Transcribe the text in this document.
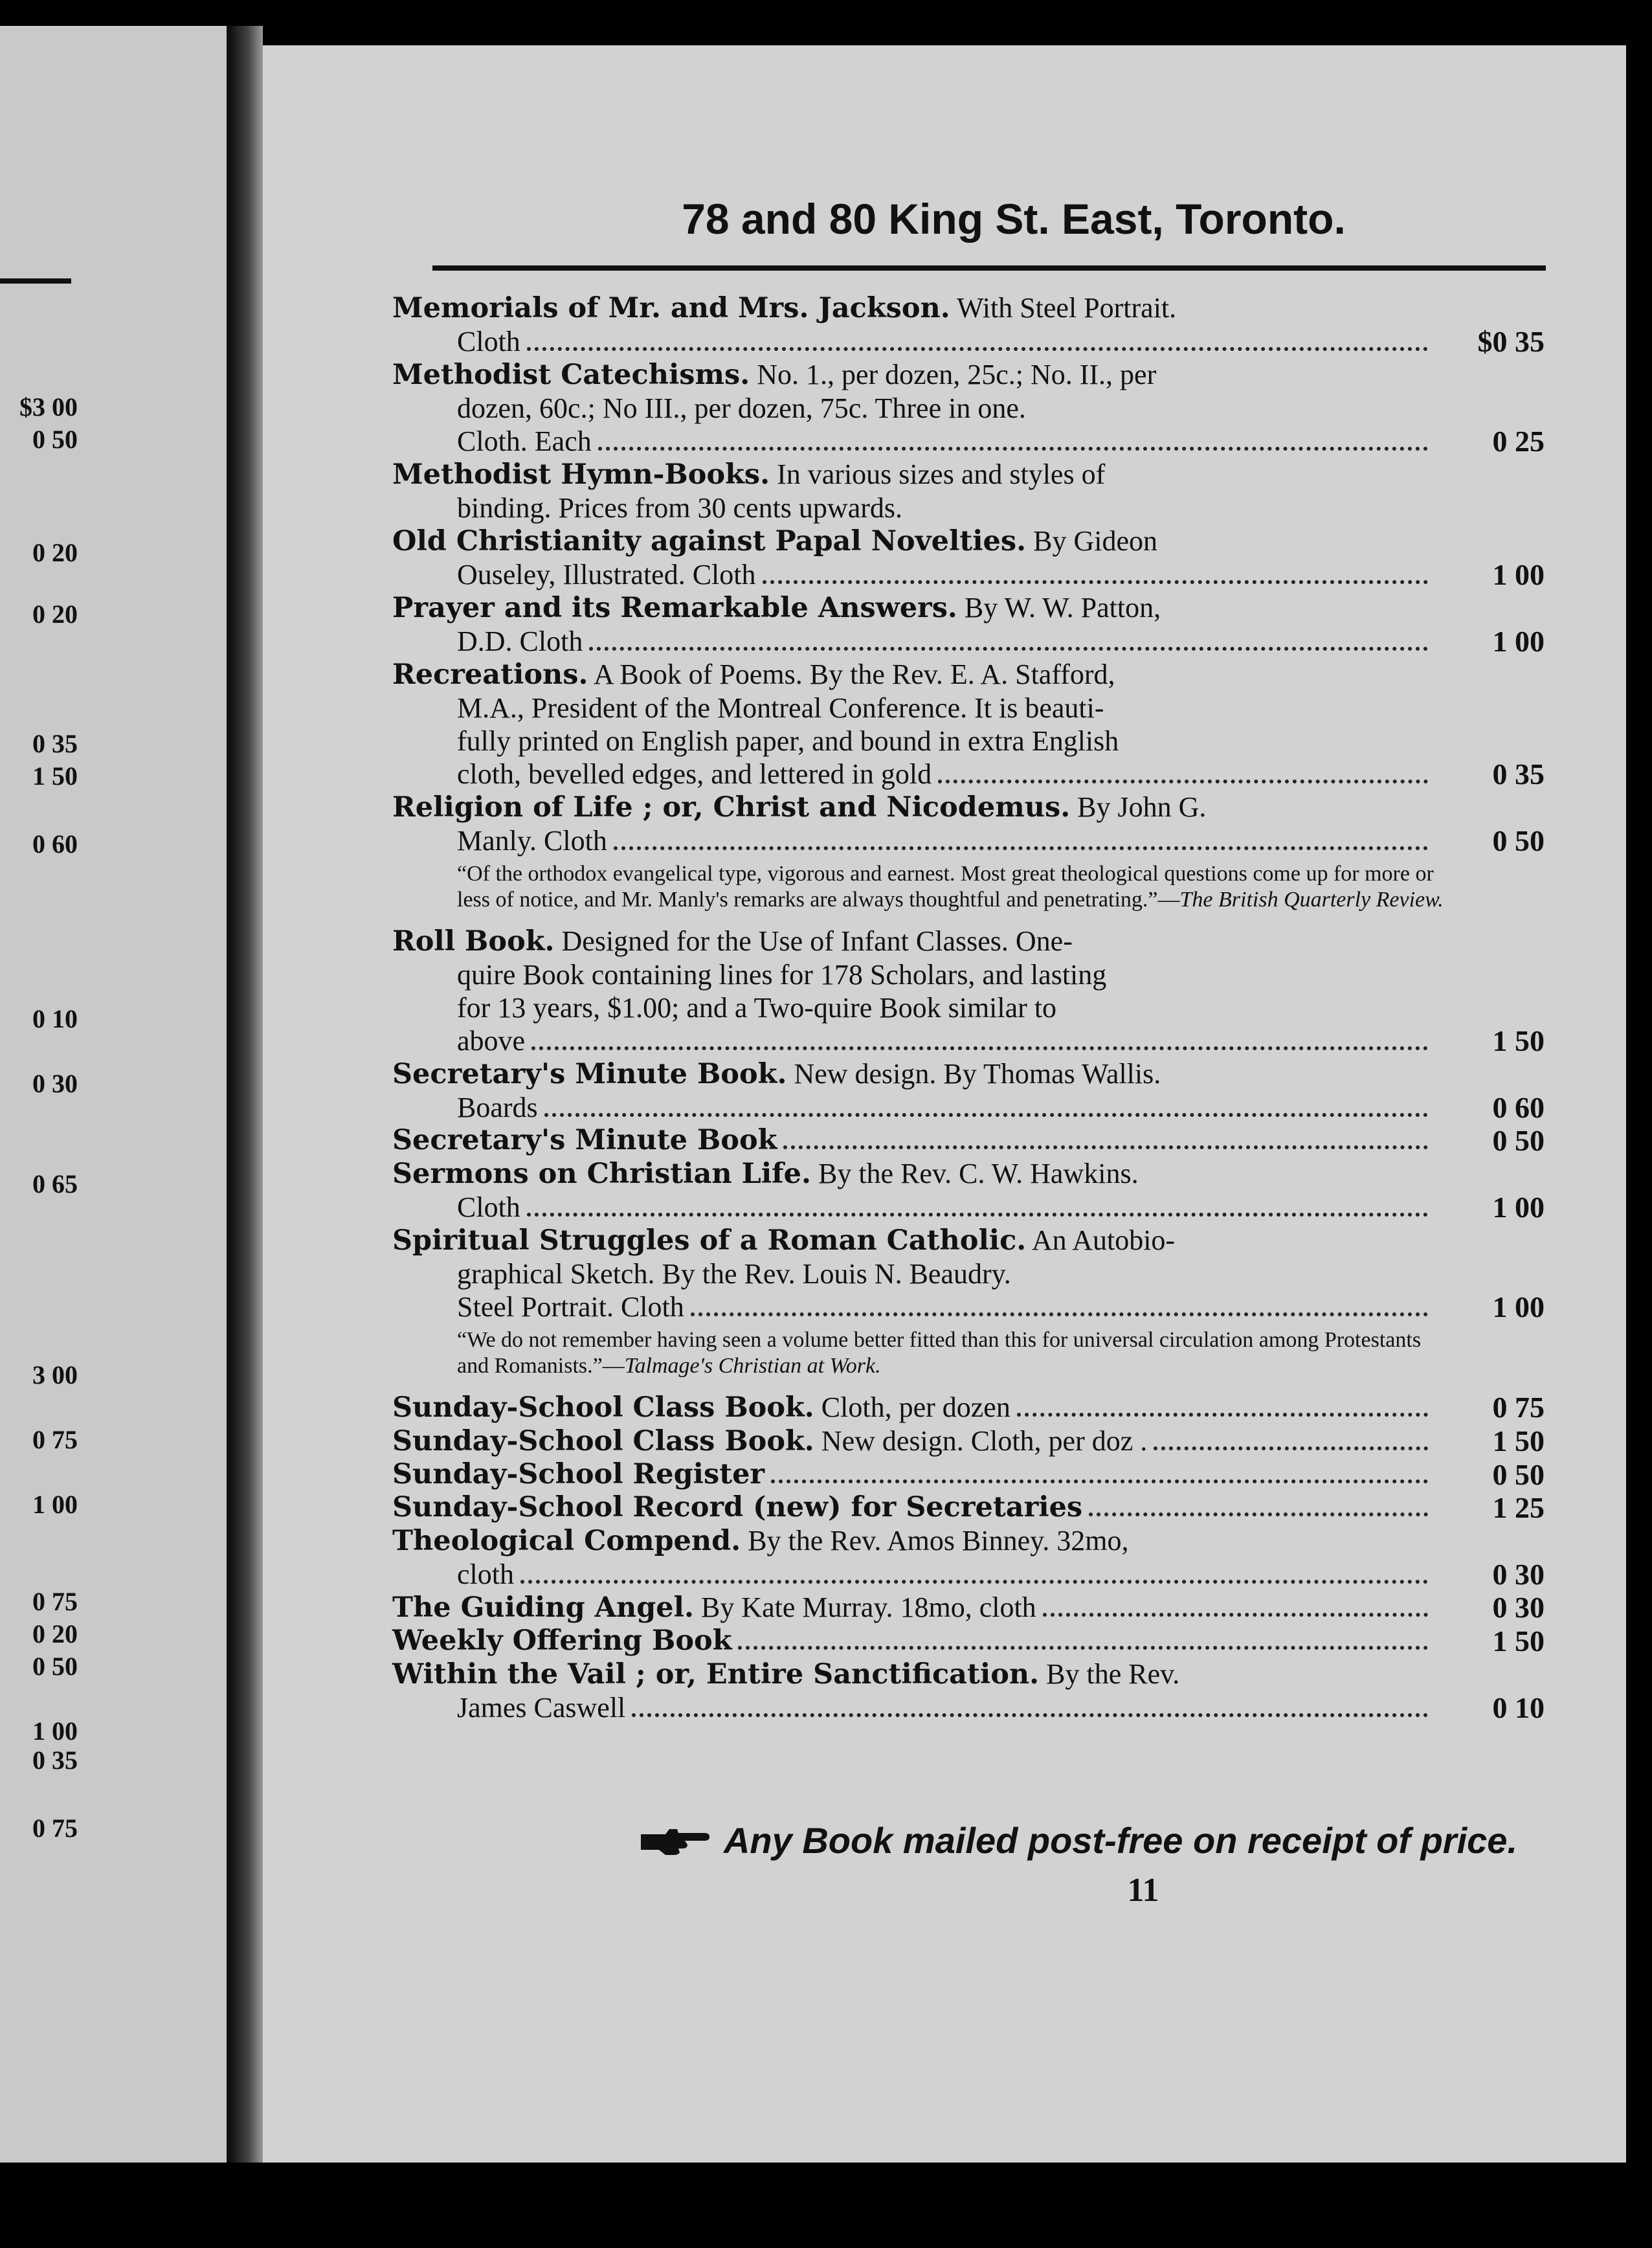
$3 00
0 50
0 20
0 20
0 35
1 50
0 60
0 10
0 30
0 65
3 00
0 75
1 00
0 75
0 20
0 50
1 00
0 35
0 75
78 and 80 King St. East, Toronto.
Memorials of Mr. and Mrs. Jackson. With Steel Portrait.
Cloth	$0 35
Methodist Catechisms. No. 1., per dozen, 25c.; No. II., per
dozen, 60c.; No III., per dozen, 75c. Three in one.
Cloth. Each	0 25
Methodist Hymn-Books. In various sizes and styles of
binding. Prices from 30 cents upwards.
Old Christianity against Papal Novelties. By Gideon
Ouseley, Illustrated. Cloth	1 00
Prayer and its Remarkable Answers. By W. W. Patton,
D.D. Cloth	1 00
Recreations. A Book of Poems. By the Rev. E. A. Stafford,
M.A., President of the Montreal Conference. It is beauti-
fully printed on English paper, and bound in extra English
cloth, bevelled edges, and lettered in gold	0 35
Religion of Life ; or, Christ and Nicodemus. By John G.
Manly. Cloth	0 50
“Of the orthodox evangelical type, vigorous and earnest. Most great theological questions come up for more or less of notice, and Mr. Manly's remarks are always thoughtful and penetrating.”—The British Quarterly Review.
Roll Book. Designed for the Use of Infant Classes. One-
quire Book containing lines for 178 Scholars, and lasting
for 13 years, $1.00; and a Two-quire Book similar to
above	1 50
Secretary's Minute Book. New design. By Thomas Wallis.
Boards	0 60
Secretary's Minute Book	0 50
Sermons on Christian Life. By the Rev. C. W. Hawkins.
Cloth	1 00
Spiritual Struggles of a Roman Catholic. An Autobio-
graphical Sketch. By the Rev. Louis N. Beaudry.
Steel Portrait. Cloth	1 00
“We do not remember having seen a volume better fitted than this for universal circulation among Protestants and Romanists.”—Talmage's Christian at Work.
Sunday-School Class Book. Cloth, per dozen	0 75
Sunday-School Class Book. New design. Cloth, per doz .	1 50
Sunday-School Register	0 50
Sunday-School Record (new) for Secretaries	1 25
Theological Compend. By the Rev. Amos Binney. 32mo,
cloth	0 30
The Guiding Angel. By Kate Murray. 18mo, cloth	0 30
Weekly Offering Book	1 50
Within the Vail ; or, Entire Sanctification. By the Rev.
James Caswell	0 10
Any Book mailed post-free on receipt of price.
11
